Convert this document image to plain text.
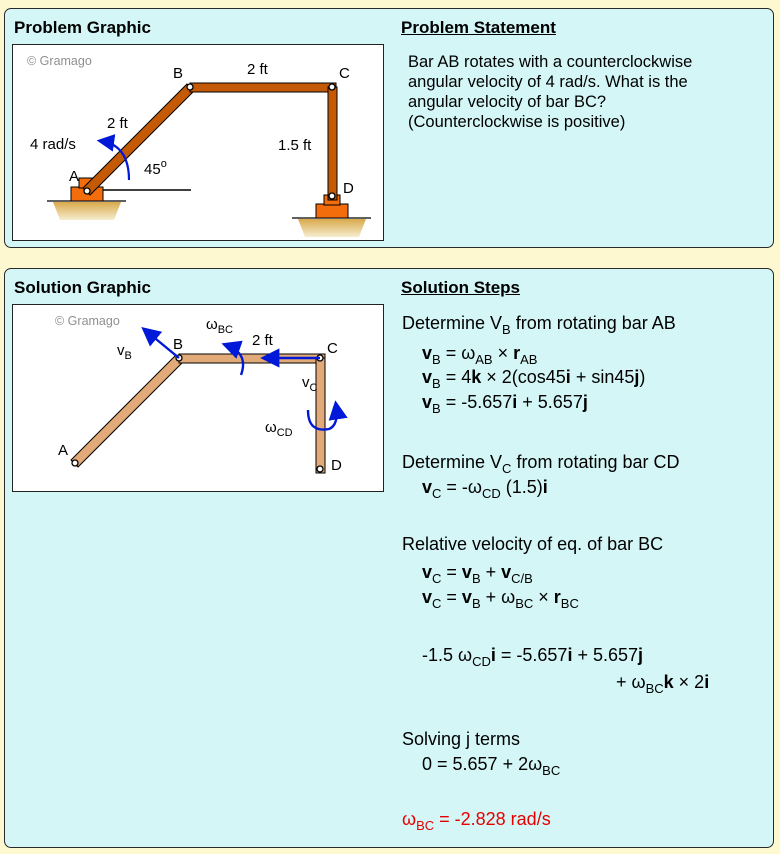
Problem Graphic	Problem Statement
© Gramago
A
B	C
D
2 ft
2 ft
1.5 ft
4 rad/s
45$^o$
Bar AB rotates with a counterclockwise
angular velocity of 4 rad/s. What is the
angular velocity of bar BC?
(Counterclockwise is positive)
Solution Graphic	Solution Steps
© Gramago
A
B	C
D
2 ft
$v_B$
$v_C$
$\omega_{BC}$
$\omega_{CD}$
Determine $V_B$ from rotating bar AB
$v_B = \omega_{AB} \times r_{AB}$
$v_B = 4k \times 2(\cos 45i + \sin 45j)$
$v_B = -5.657i + 5.657j$
Determine $V_C$ from rotating bar CD
$v_C = -\omega_{CD}$ (1.5)i
Relative velocity of eq. of bar BC
$v_C = v_B + v_{C/B}$
$v_C = v_B + \omega_{BC} \times r_{BC}$
-1.5 $\omega_{CD}i = -5.657i + 5.657j$
+ $\omega_{BC}k \times 2i$
Solving j terms
$0 = 5.657 + 2\omega_{BC}$
$\omega_{BC} = -2.828$ rad/s
